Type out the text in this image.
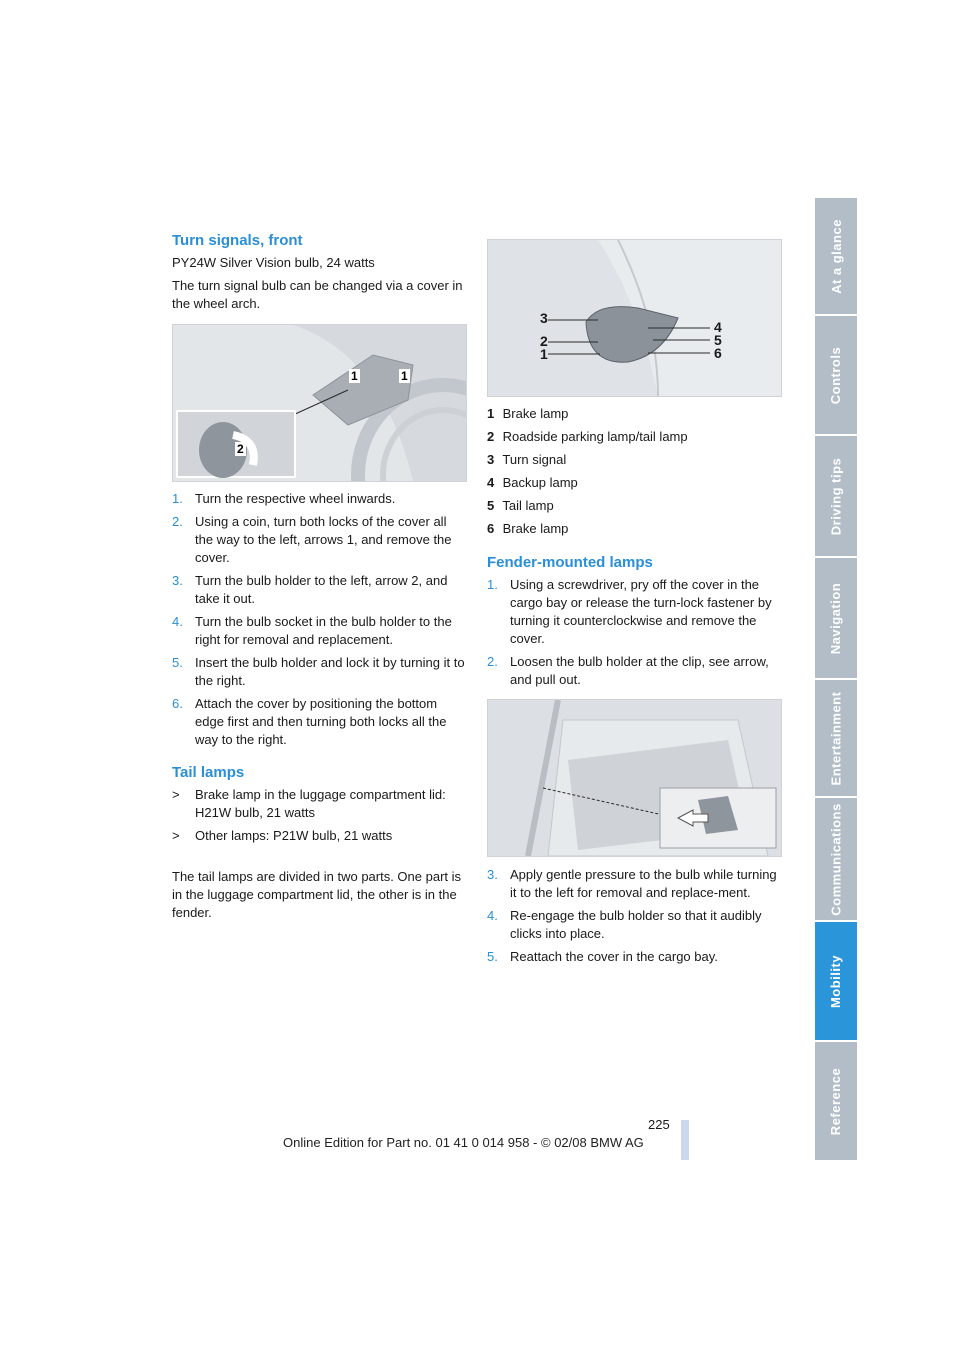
At a glance
Controls
Driving tips
Navigation
Entertainment
Communications
Mobility
Reference
Turn signals, front

PY24W Silver Vision bulb, 24 watts

The turn signal bulb can be changed via a cover in the wheel arch.

1	1
2
1. Turn the respective wheel inwards.
2. Using a coin, turn both locks of the cover all the way to the left, arrows 1, and remove the cover.
3. Turn the bulb holder to the left, arrow 2, and take it out.
4. Turn the bulb socket in the bulb holder to the right for removal and replacement.
5. Insert the bulb holder and lock it by turning it to the right.
6. Attach the cover by positioning the bottom edge first and then turning both locks all the way to the right.
Tail lamps
> Brake lamp in the luggage compartment lid: H21W bulb, 21 watts
> Other lamps: P21W bulb, 21 watts

The tail lamps are divided in two parts. One part is in the luggage compartment lid, the other is in the fender.

3
2
1
4
5
6
1 Brake lamp
2 Roadside parking lamp/tail lamp
3 Turn signal
4 Backup lamp
5 Tail lamp
6 Brake lamp
Fender-mounted lamps
1. Using a screwdriver, pry off the cover in the cargo bay or release the turn-lock fastener by turning it counterclockwise and remove the cover.
2. Loosen the bulb holder at the clip, see arrow, and pull out.
3. Apply gentle pressure to the bulb while turning it to the left for removal and replace-ment.
4. Re-engage the bulb holder so that it audibly clicks into place.
5. Reattach the cover in the cargo bay.
225
Online Edition for Part no. 01 41 0 014 958 - © 02/08 BMW AG
